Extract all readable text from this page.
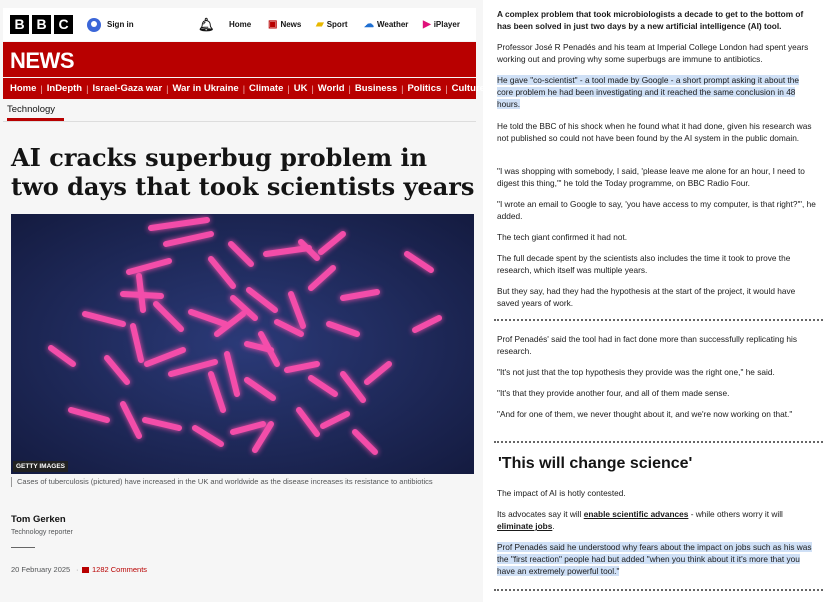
B B C	Sign in	🔔︎ Home ▣ News ▰ Sport ☁︎ Weather ▶ iPlayer
NEWS
Home | InDepth | Israel-Gaza war | War in Ukraine | Climate | UK | World | Business | Politics | Culture
Technology
AI cracks superbug problem in two days that took scientists years
GETTY IMAGES
Cases of tuberculosis (pictured) have increased in the UK and worldwide as the disease increases its resistance to antibiotics
Tom Gerken
Technology reporter
20 February 2025 · 1282 Comments

A complex problem that took microbiologists a decade to get to the bottom of has been solved in just two days by a new artificial intelligence (AI) tool.

Professor José R Penadés and his team at Imperial College London had spent years working out and proving why some superbugs are immune to antibiotics.

He gave "co-scientist" - a tool made by Google - a short prompt asking it about the core problem he had been investigating and it reached the same conclusion in 48 hours.

He told the BBC of his shock when he found what it had done, given his research was not published so could not have been found by the AI system in the public domain.

"I was shopping with somebody, I said, 'please leave me alone for an hour, I need to digest this thing,'" he told the Today programme, on BBC Radio Four.

"I wrote an email to Google to say, 'you have access to my computer, is that right?'", he added.

The tech giant confirmed it had not.

The full decade spent by the scientists also includes the time it took to prove the research, which itself was multiple years.

But they say, had they had the hypothesis at the start of the project, it would have saved years of work.

Prof Penadés' said the tool had in fact done more than successfully replicating his research.

"It's not just that the top hypothesis they provide was the right one," he said.

"It's that they provide another four, and all of them made sense.

"And for one of them, we never thought about it, and we're now working on that."

'This will change science'

The impact of AI is hotly contested.

Its advocates say it will enable scientific advances - while others worry it will eliminate jobs.

Prof Penadés said he understood why fears about the impact on jobs such as his was the "first reaction" people had but added "when you think about it it's more that you have an extremely powerful tool."
